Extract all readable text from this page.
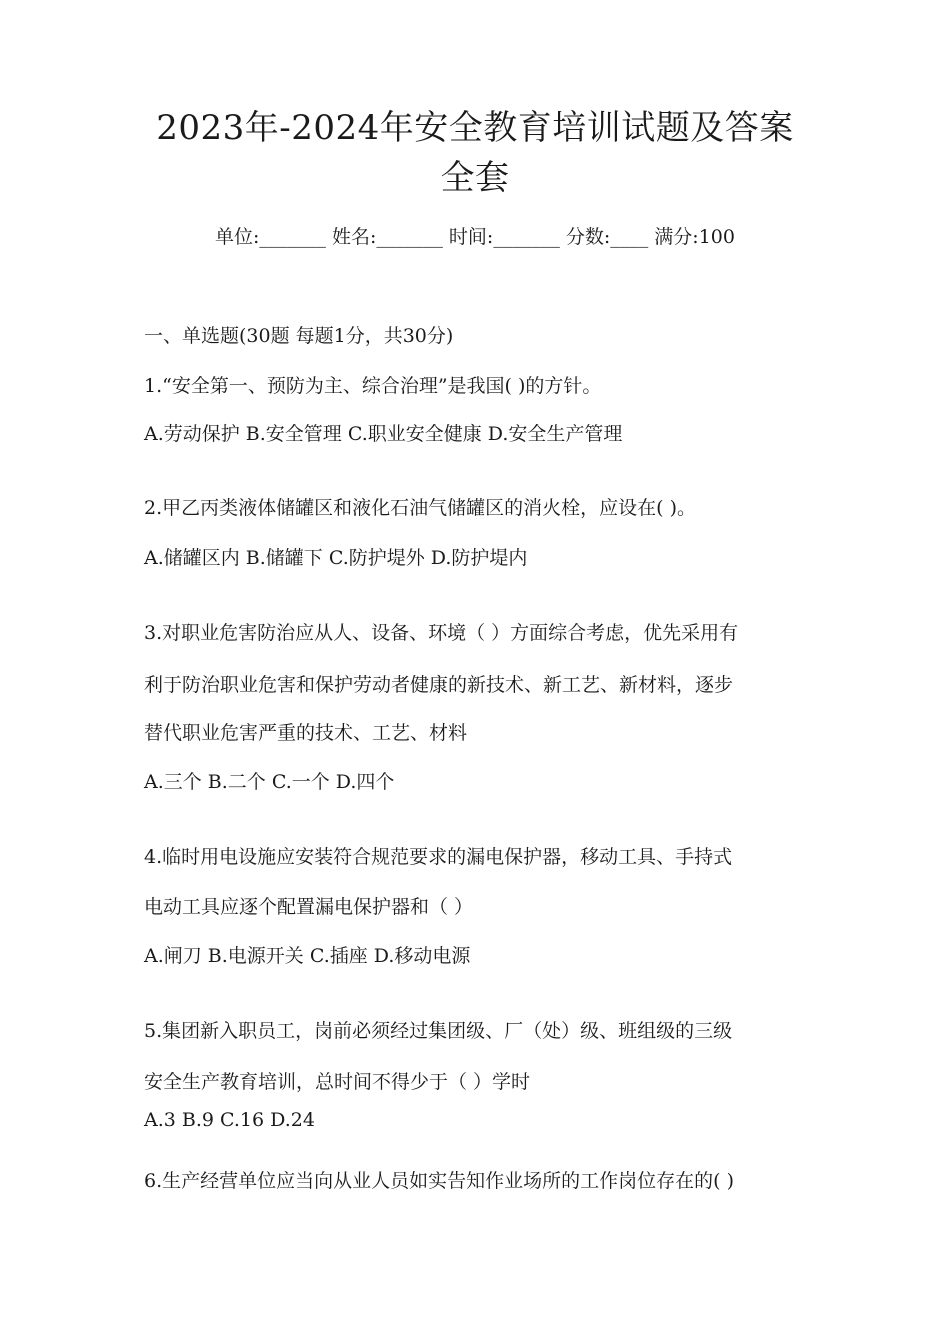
2023年-2024年安全教育培训试题及答案
全套
单位:_______ 姓名:_______ 时间:_______ 分数:____ 满分:100
一、单选题(30题 每题1分，共30分)
1.“安全第一、预防为主、综合治理”是我国( )的方针。
A.劳动保护 B.安全管理 C.职业安全健康 D.安全生产管理
2.甲乙丙类液体储罐区和液化石油气储罐区的消火栓，应设在( )。
A.储罐区内 B.储罐下 C.防护堤外 D.防护堤内
3.对职业危害防治应从人、设备、环境（ ）方面综合考虑，优先采用有
利于防治职业危害和保护劳动者健康的新技术、新工艺、新材料，逐步
替代职业危害严重的技术、工艺、材料
A.三个 B.二个 C.一个 D.四个
4.临时用电设施应安装符合规范要求的漏电保护器，移动工具、手持式
电动工具应逐个配置漏电保护器和（ ）
A.闸刀 B.电源开关 C.插座 D.移动电源
5.集团新入职员工，岗前必须经过集团级、厂（处）级、班组级的三级
安全生产教育培训，总时间不得少于（ ）学时
A.3 B.9 C.16 D.24
6.生产经营单位应当向从业人员如实告知作业场所的工作岗位存在的( )
